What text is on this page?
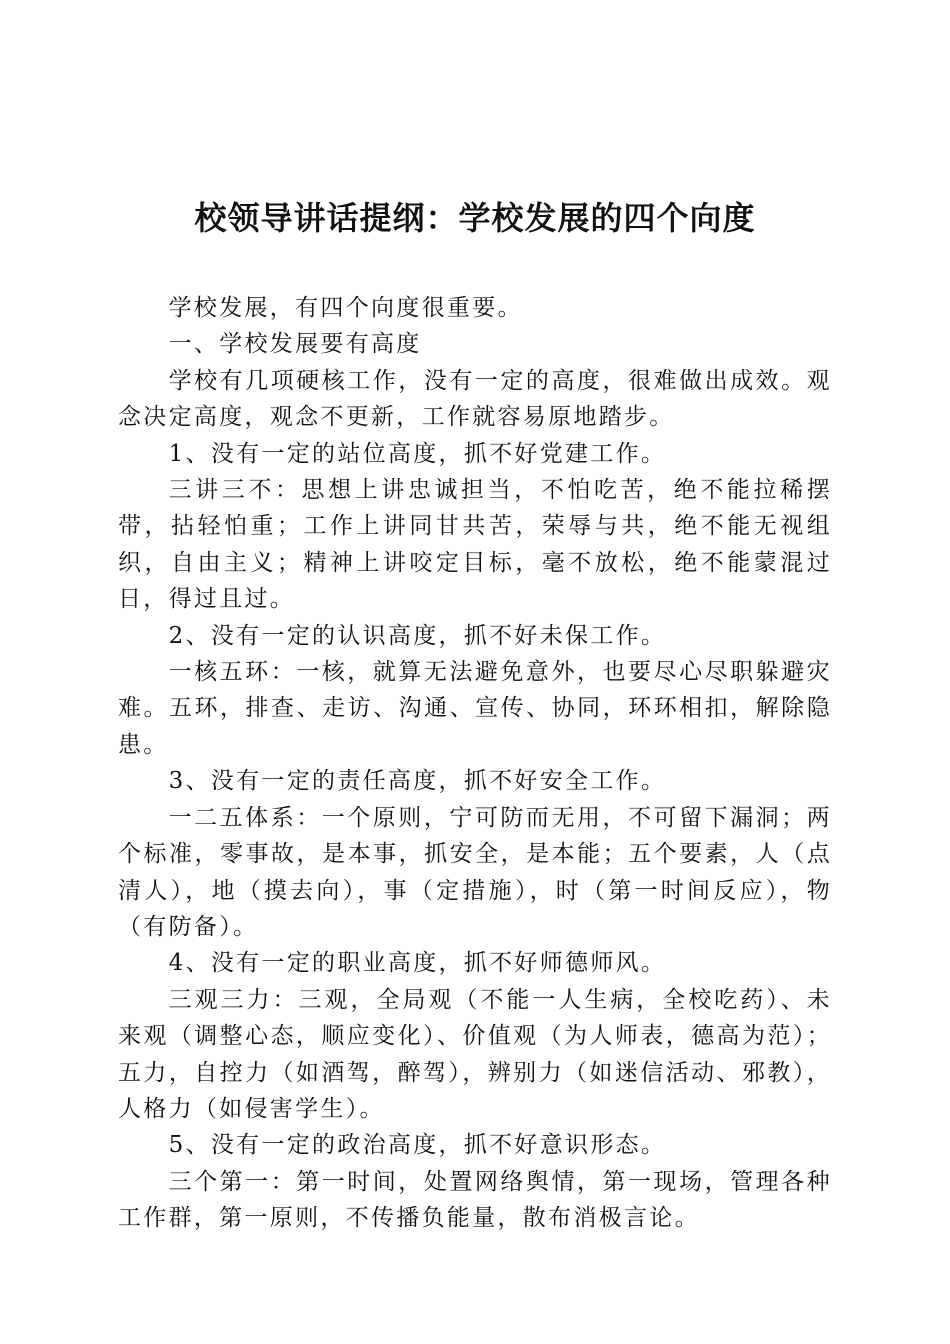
校领导讲话提纲：学校发展的四个向度

学校发展，有四个向度很重要。

一、学校发展要有高度

学校有几项硬核工作，没有一定的高度，很难做出成效。观念决定高度，观念不更新，工作就容易原地踏步。

1、没有一定的站位高度，抓不好党建工作。

三讲三不：思想上讲忠诚担当，不怕吃苦，绝不能拉稀摆带，拈轻怕重；工作上讲同甘共苦，荣辱与共，绝不能无视组织，自由主义；精神上讲咬定目标，毫不放松，绝不能蒙混过日，得过且过。

2、没有一定的认识高度，抓不好未保工作。

一核五环：一核，就算无法避免意外，也要尽心尽职躲避灾难。五环，排查、走访、沟通、宣传、协同，环环相扣，解除隐患。

3、没有一定的责任高度，抓不好安全工作。

一二五体系：一个原则，宁可防而无用，不可留下漏洞；两个标准，零事故，是本事，抓安全，是本能；五个要素，人（点清人），地（摸去向），事（定措施），时（第一时间反应），物（有防备）。

4、没有一定的职业高度，抓不好师德师风。

三观三力：三观，全局观（不能一人生病，全校吃药）、未来观（调整心态，顺应变化）、价值观（为人师表，德高为范）；五力，自控力（如酒驾，醉驾），辨别力（如迷信活动、邪教），人格力（如侵害学生）。

5、没有一定的政治高度，抓不好意识形态。

三个第一：第一时间，处置网络舆情，第一现场，管理各种工作群，第一原则，不传播负能量，散布消极言论。
